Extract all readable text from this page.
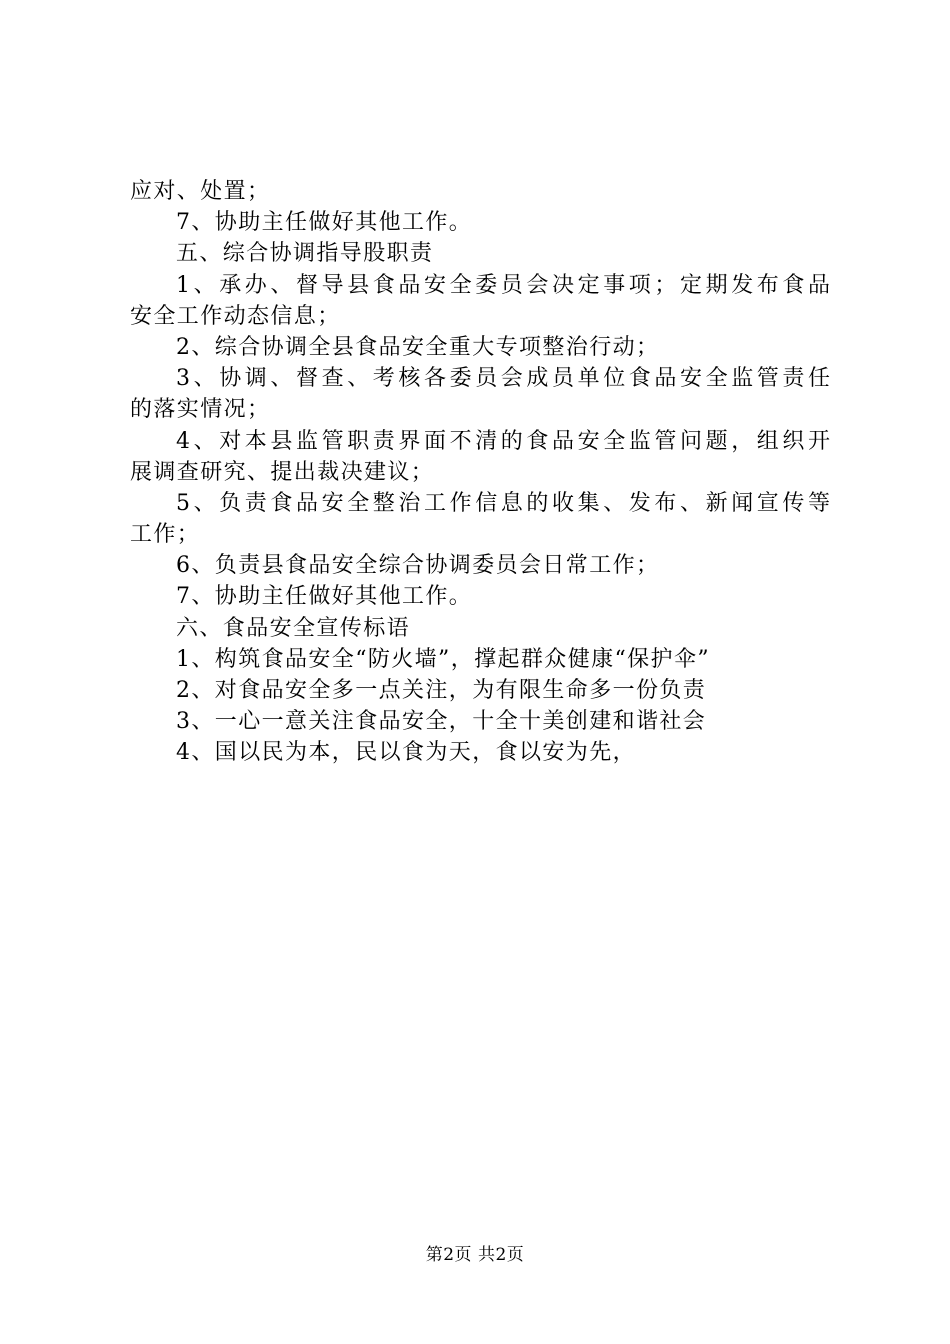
应对、处置；
7、协助主任做好其他工作。
五、综合协调指导股职责
1、承办、督导县食品安全委员会决定事项；定期发布食品
安全工作动态信息；
2、综合协调全县食品安全重大专项整治行动；
3、协调、督查、考核各委员会成员单位食品安全监管责任
的落实情况；
4、对本县监管职责界面不清的食品安全监管问题，组织开
展调查研究、提出裁决建议；
5、负责食品安全整治工作信息的收集、发布、新闻宣传等
工作；
6、负责县食品安全综合协调委员会日常工作；
7、协助主任做好其他工作。
六、食品安全宣传标语
1、构筑食品安全“防火墙”，撑起群众健康“保护伞”
2、对食品安全多一点关注，为有限生命多一份负责
3、一心一意关注食品安全，十全十美创建和谐社会
4、国以民为本，民以食为天，食以安为先，
第2页 共2页
